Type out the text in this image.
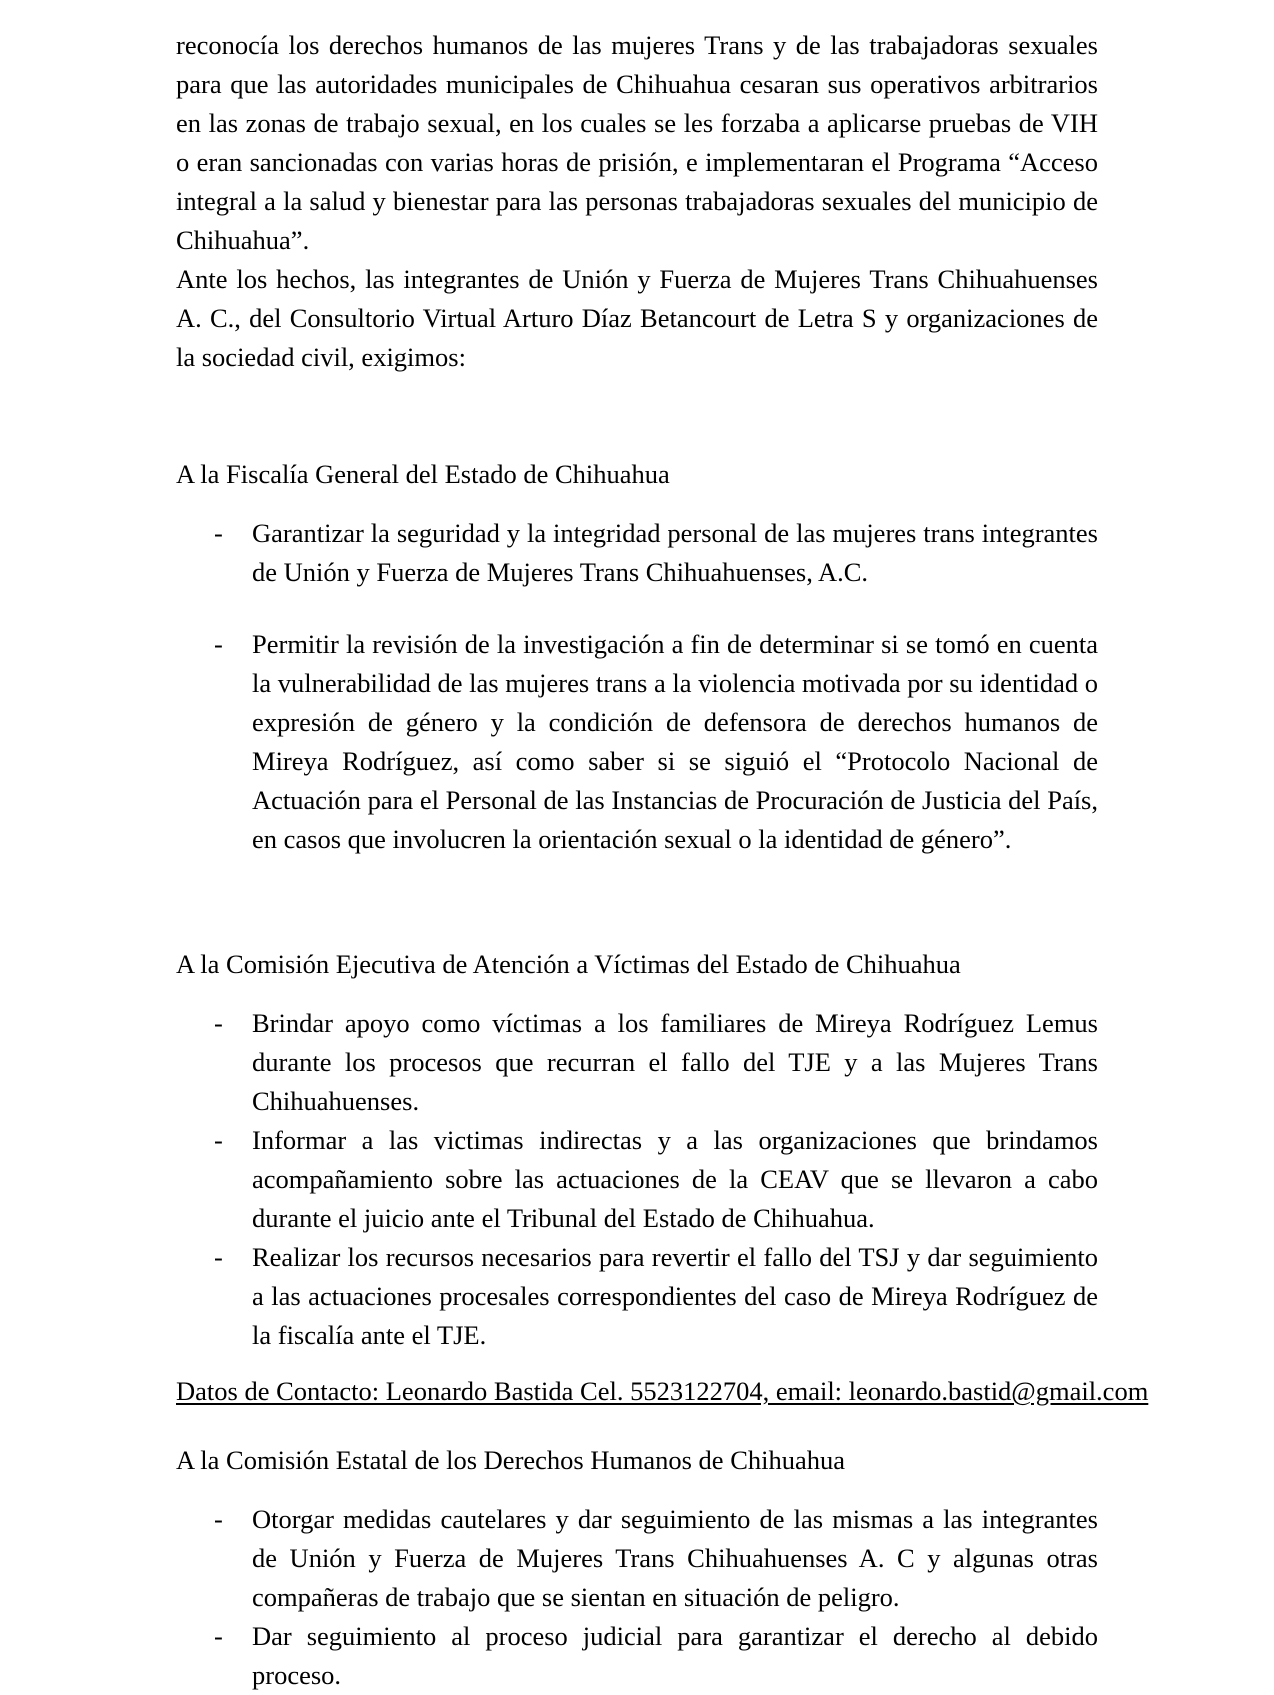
reconocía los derechos humanos de las mujeres Trans y de las trabajadoras sexuales para que las autoridades municipales de Chihuahua cesaran sus operativos arbitrarios en las zonas de trabajo sexual, en los cuales se les forzaba a aplicarse pruebas de VIH o eran sancionadas con varias horas de prisión, e implementaran el Programa “Acceso integral a la salud y bienestar para las personas trabajadoras sexuales del municipio de Chihuahua”.

Ante los hechos, las integrantes de Unión y Fuerza de Mujeres Trans Chihuahuenses A. C., del Consultorio Virtual Arturo Díaz Betancourt de Letra S y organizaciones de la sociedad civil, exigimos:

A la Fiscalía General del Estado de Chihuahua
- Garantizar la seguridad y la integridad personal de las mujeres trans integrantes de Unión y Fuerza de Mujeres Trans Chihuahuenses, A.C.
- Permitir la revisión de la investigación a fin de determinar si se tomó en cuenta la vulnerabilidad de las mujeres trans a la violencia motivada por su identidad o expresión de género y la condición de defensora de derechos humanos de Mireya Rodríguez, así como saber si se siguió el “Protocolo Nacional de Actuación para el Personal de las Instancias de Procuración de Justicia del País, en casos que involucren la orientación sexual o la identidad de género”.
A la Comisión Ejecutiva de Atención a Víctimas del Estado de Chihuahua
- Brindar apoyo como víctimas a los familiares de Mireya Rodríguez Lemus durante los procesos que recurran el fallo del TJE y a las Mujeres Trans Chihuahuenses.
- Informar a las victimas indirectas y a las organizaciones que brindamos acompañamiento sobre las actuaciones de la CEAV que se llevaron a cabo durante el juicio ante el Tribunal del Estado de Chihuahua.
- Realizar los recursos necesarios para revertir el fallo del TSJ y dar seguimiento a las actuaciones procesales correspondientes del caso de Mireya Rodríguez de la fiscalía ante el TJE.
A la Comisión Estatal de los Derechos Humanos de Chihuahua
- Otorgar medidas cautelares y dar seguimiento de las mismas a las integrantes de Unión y Fuerza de Mujeres Trans Chihuahuenses A. C y algunas otras compañeras de trabajo que se sientan en situación de peligro.
- Dar seguimiento al proceso judicial para garantizar el derecho al debido proceso.
Datos de Contacto: Leonardo Bastida Cel. 5523122704, email: leonardo.bastid@gmail.com
